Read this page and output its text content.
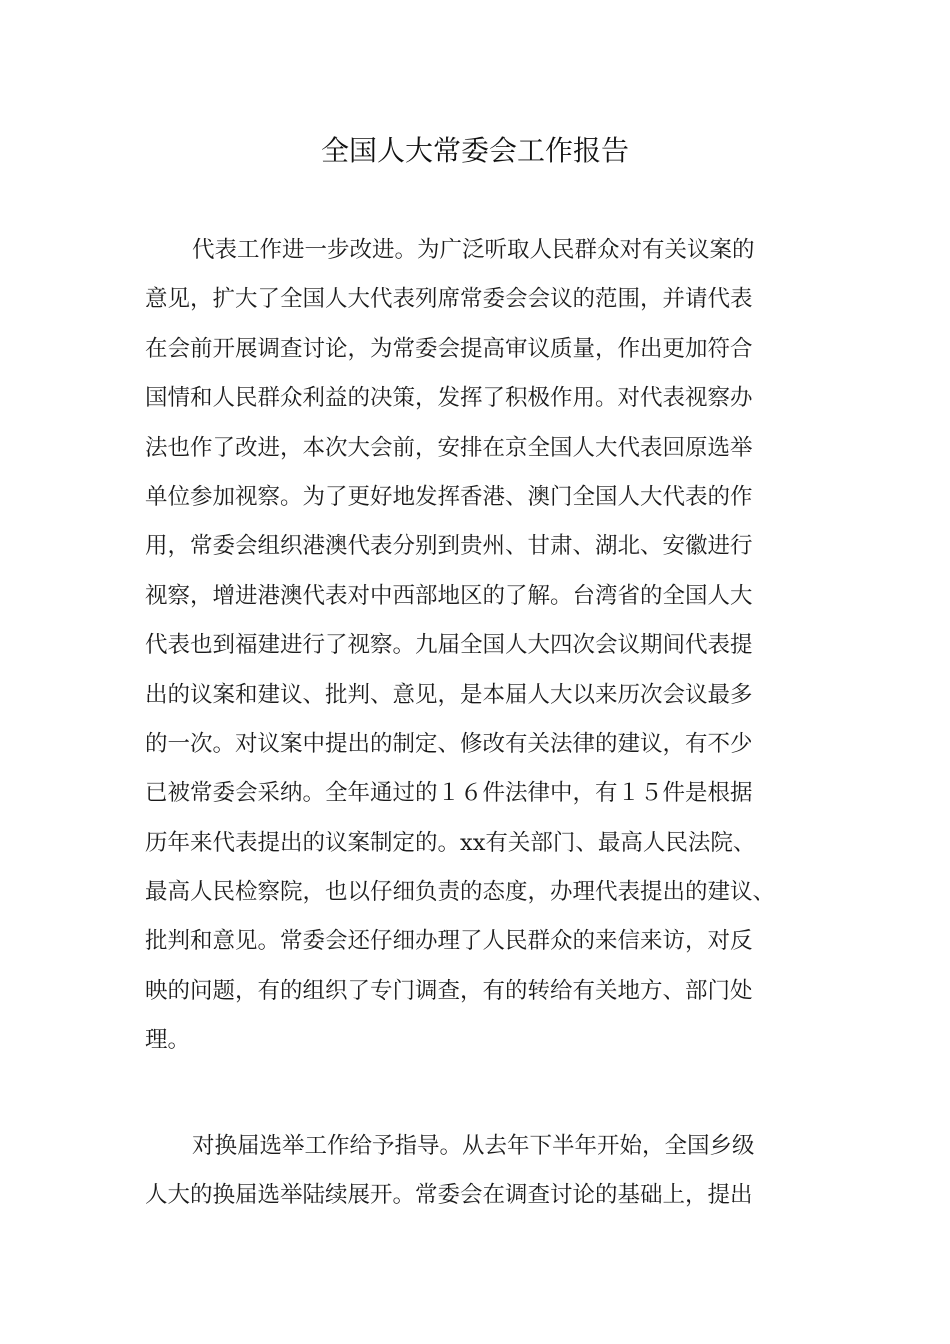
全国人大常委会工作报告
代表工作进一步改进。为广泛听取人民群众对有关议案的
意见，扩大了全国人大代表列席常委会会议的范围，并请代表
在会前开展调查讨论，为常委会提高审议质量，作出更加符合
国情和人民群众利益的决策，发挥了积极作用。对代表视察办
法也作了改进，本次大会前，安排在京全国人大代表回原选举
单位参加视察。为了更好地发挥香港、澳门全国人大代表的作
用，常委会组织港澳代表分别到贵州、甘肃、湖北、安徽进行
视察，增进港澳代表对中西部地区的了解。台湾省的全国人大
代表也到福建进行了视察。九届全国人大四次会议期间代表提
出的议案和建议、批判、意见，是本届人大以来历次会议最多
的一次。对议案中提出的制定、修改有关法律的建议，有不少
已被常委会采纳。全年通过的１６件法律中，有１５件是根据
历年来代表提出的议案制定的。xx有关部门、最高人民法院、
最高人民检察院，也以仔细负责的态度，办理代表提出的建议、
批判和意见。常委会还仔细办理了人民群众的来信来访，对反
映的问题，有的组织了专门调查，有的转给有关地方、部门处
理。
对换届选举工作给予指导。从去年下半年开始，全国乡级
人大的换届选举陆续展开。常委会在调查讨论的基础上，提出
